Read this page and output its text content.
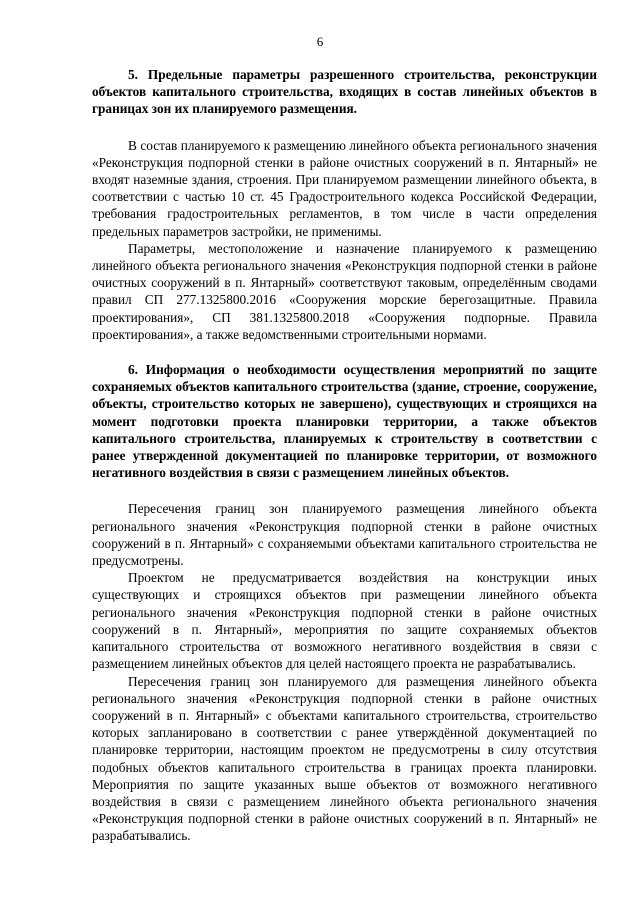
6

5. Предельные параметры разрешенного строительства, реконструкции объектов капитального строительства, входящих в состав линейных объектов в границах зон их планируемого размещения.

В состав планируемого к размещению линейного объекта регионального значения «Реконструкция подпорной стенки в районе очистных сооружений в п. Янтарный» не входят наземные здания, строения. При планируемом размещении линейного объекта, в соответствии с частью 10 ст. 45 Градостроительного кодекса Российской Федерации, требования градостроительных регламентов, в том числе в части определения предельных параметров застройки, не применимы.

Параметры, местоположение и назначение планируемого к размещению линейного объекта регионального значения «Реконструкция подпорной стенки в районе очистных сооружений в п. Янтарный» соответствуют таковым, определённым сводами правил СП 277.1325800.2016 «Сооружения морские берегозащитные. Правила проектирования», СП 381.1325800.2018 «Сооружения подпорные. Правила проектирования», а также ведомственными строительными нормами.

6. Информация о необходимости осуществления мероприятий по защите сохраняемых объектов капитального строительства (здание, строение, сооружение, объекты, строительство которых не завершено), существующих и строящихся на момент подготовки проекта планировки территории, а также объектов капитального строительства, планируемых к строительству в соответствии с ранее утвержденной документацией по планировке территории, от возможного негативного воздействия в связи с размещением линейных объектов.

Пересечения границ зон планируемого размещения линейного объекта регионального значения «Реконструкция подпорной стенки в районе очистных сооружений в п. Янтарный» с сохраняемыми объектами капитального строительства не предусмотрены.

Проектом не предусматривается воздействия на конструкции иных существующих и строящихся объектов при размещении линейного объекта регионального значения «Реконструкция подпорной стенки в районе очистных сооружений в п. Янтарный», мероприятия по защите сохраняемых объектов капитального строительства от возможного негативного воздействия в связи с размещением линейных объектов для целей настоящего проекта не разрабатывались.

Пересечения границ зон планируемого для размещения линейного объекта регионального значения «Реконструкция подпорной стенки в районе очистных сооружений в п. Янтарный» с объектами капитального строительства, строительство которых запланировано в соответствии с ранее утверждённой документацией по планировке территории, настоящим проектом не предусмотрены в силу отсутствия подобных объектов капитального строительства в границах проекта планировки. Мероприятия по защите указанных выше объектов от возможного негативного воздействия в связи с размещением линейного объекта регионального значения «Реконструкция подпорной стенки в районе очистных сооружений в п. Янтарный» не разрабатывались.
